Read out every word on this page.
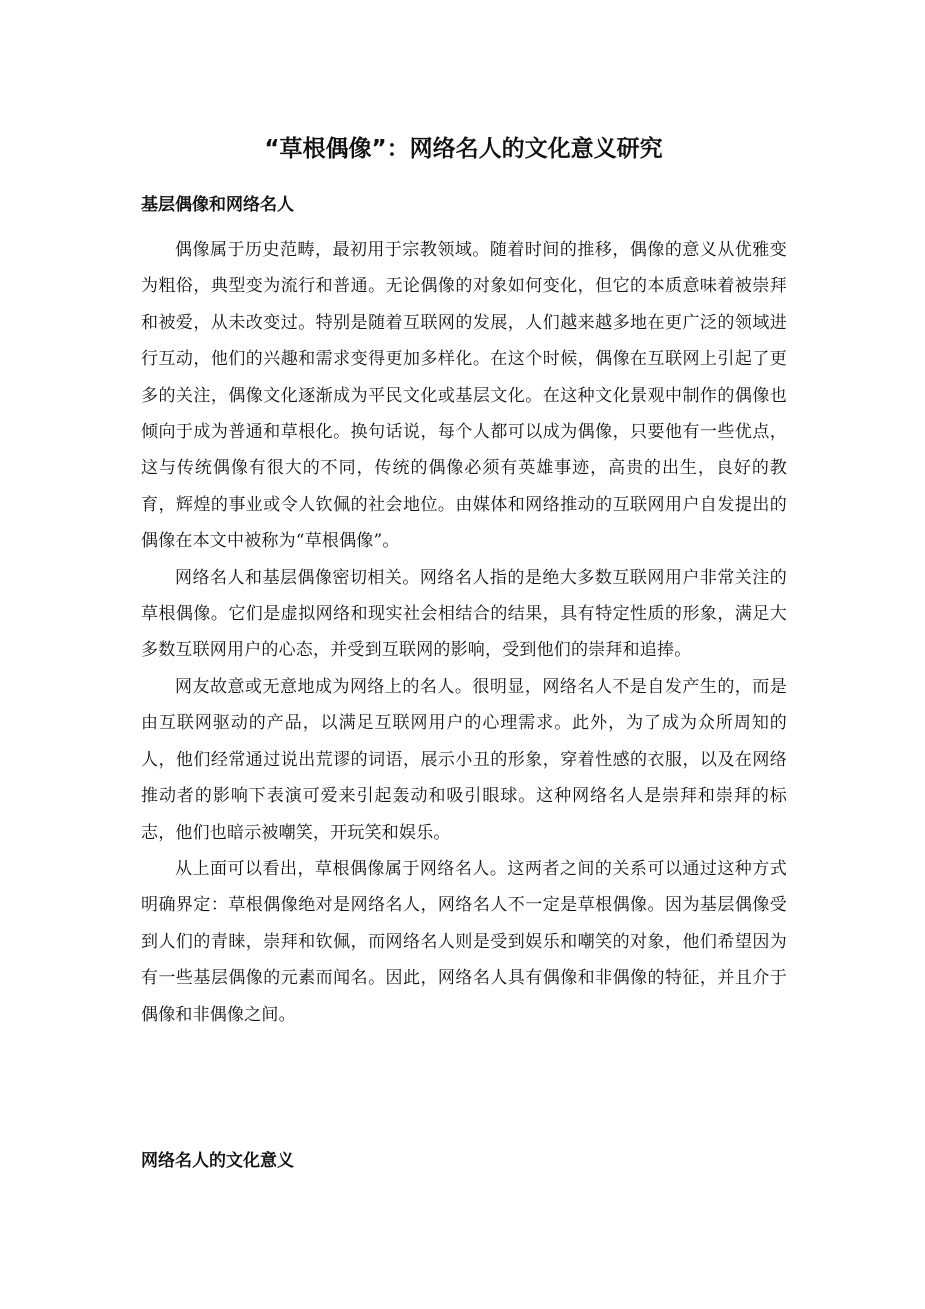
“草根偶像”：网络名人的文化意义研究
基层偶像和网络名人

偶像属于历史范畴，最初用于宗教领域。随着时间的推移，偶像的意义从优雅变为粗俗，典型变为流行和普通。无论偶像的对象如何变化，但它的本质意味着被崇拜和被爱，从未改变过。特别是随着互联网的发展，人们越来越多地在更广泛的领域进行互动，他们的兴趣和需求变得更加多样化。在这个时候，偶像在互联网上引起了更多的关注，偶像文化逐渐成为平民文化或基层文化。在这种文化景观中制作的偶像也倾向于成为普通和草根化。换句话说，每个人都可以成为偶像，只要他有一些优点，这与传统偶像有很大的不同，传统的偶像必须有英雄事迹，高贵的出生，良好的教育，辉煌的事业或令人钦佩的社会地位。由媒体和网络推动的互联网用户自发提出的偶像在本文中被称为“草根偶像”。

网络名人和基层偶像密切相关。网络名人指的是绝大多数互联网用户非常关注的草根偶像。它们是虚拟网络和现实社会相结合的结果，具有特定性质的形象，满足大多数互联网用户的心态，并受到互联网的影响，受到他们的崇拜和追捧。

网友故意或无意地成为网络上的名人。很明显，网络名人不是自发产生的，而是由互联网驱动的产品，以满足互联网用户的心理需求。此外，为了成为众所周知的人，他们经常通过说出荒谬的词语，展示小丑的形象，穿着性感的衣服，以及在网络推动者的影响下表演可爱来引起轰动和吸引眼球。这种网络名人是崇拜和崇拜的标志，他们也暗示被嘲笑，开玩笑和娱乐。

从上面可以看出，草根偶像属于网络名人。这两者之间的关系可以通过这种方式明确界定：草根偶像绝对是网络名人，网络名人不一定是草根偶像。因为基层偶像受到人们的青睐，崇拜和钦佩，而网络名人则是受到娱乐和嘲笑的对象，他们希望因为有一些基层偶像的元素而闻名。因此，网络名人具有偶像和非偶像的特征，并且介于偶像和非偶像之间。

网络名人的文化意义
